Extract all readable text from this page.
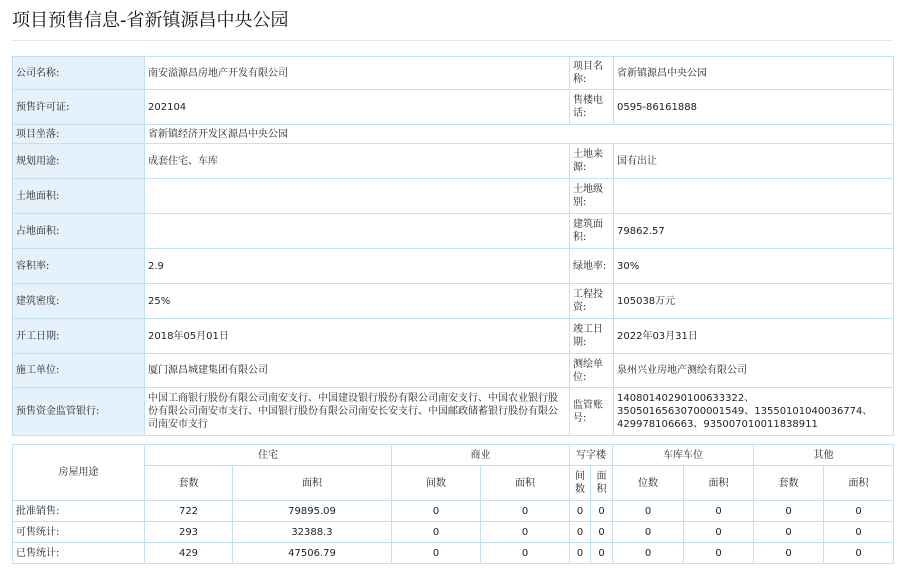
项目预售信息-省新镇源昌中央公园
公司名称:	南安溢源昌房地产开发有限公司	项目名称:	省新镇源昌中央公园
预售许可证:	202104	售楼电话:	0595-86161888
项目坐落:	省新镇经济开发区源昌中央公园		
规划用途:	成套住宅、车库	土地来源:	国有出让
土地面积:		土地级别:	
占地面积:		建筑面积:	79862.57
容积率:	2.9	绿地率:	30%
建筑密度:	25%	工程投资:	105038万元
开工日期:	2018年05月01日	竣工日期:	2022年03月31日
施工单位:	厦门源昌城建集团有限公司	测绘单位:	泉州兴业房地产测绘有限公司
预售资金监管银行:	中国工商银行股份有限公司南安支行、中国建设银行股份有限公司南安支行、中国农业银行股份有限公司南安市支行、中国银行股份有限公司南安长安支行、中国邮政储蓄银行股份有限公司南安市支行	监管账号:	14080140290100633322、35050165630700001549、13550101040036774、429978106663、935007010011838911
房屋用途	住宅		商业		写字楼		车库车位		其他	
	套数	面积	间数	面积	间数	面积	位数	面积	套数	面积
批准销售:	722	79895.09	0	0	0	0	0	0	0	0
可售统计:	293	32388.3	0	0	0	0	0	0	0	0
已售统计:	429	47506.79	0	0	0	0	0	0	0	0
